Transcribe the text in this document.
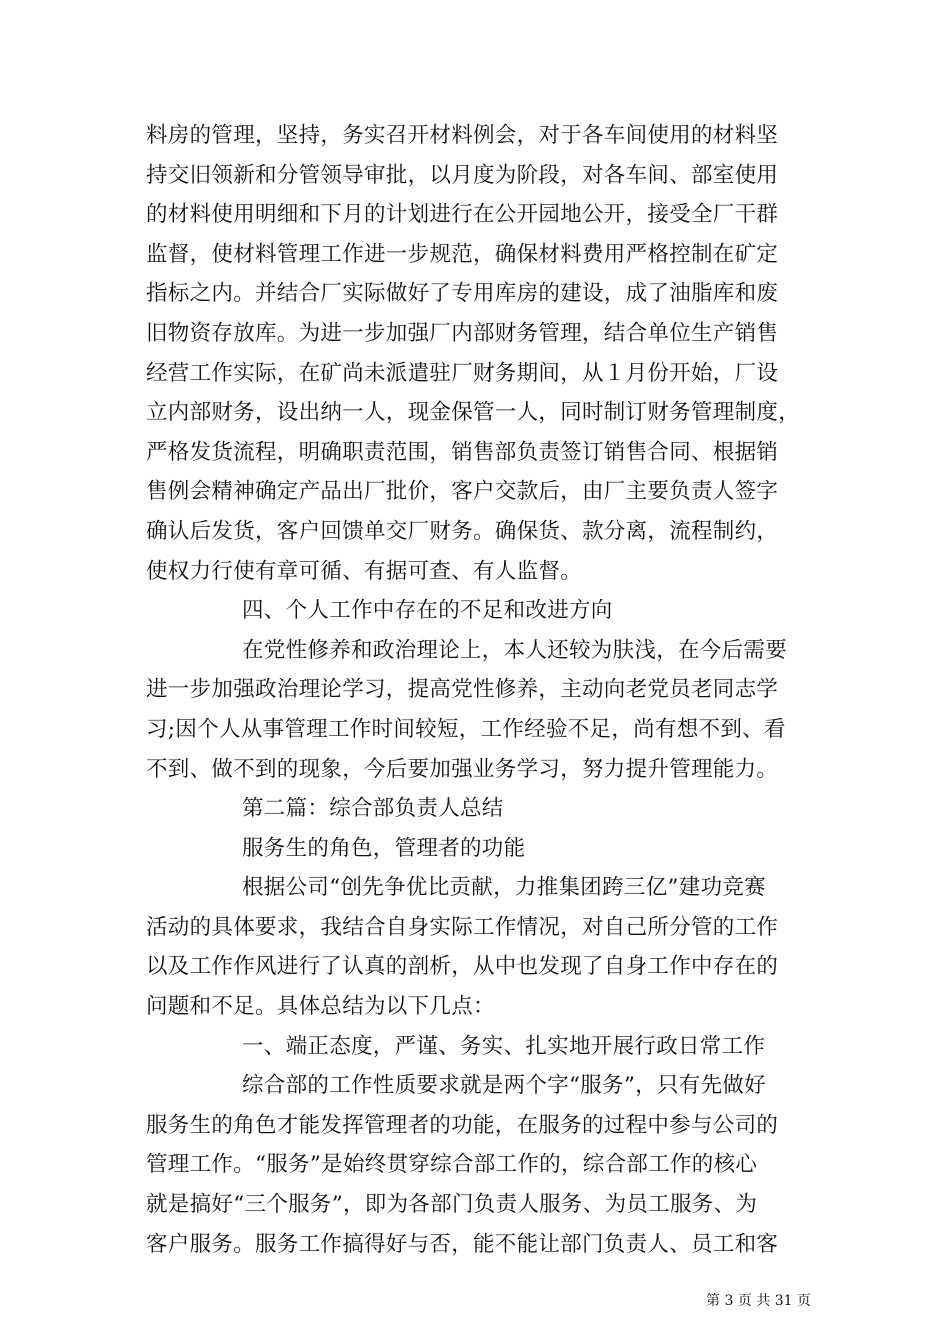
料房的管理，坚持，务实召开材料例会，对于各车间使用的材料坚
持交旧领新和分管领导审批，以月度为阶段，对各车间、部室使用
的材料使用明细和下月的计划进行在公开园地公开，接受全厂干群
监督，使材料管理工作进一步规范，确保材料费用严格控制在矿定
指标之内。并结合厂实际做好了专用库房的建设，成了油脂库和废
旧物资存放库。为进一步加强厂内部财务管理，结合单位生产销售
经营工作实际，在矿尚未派遣驻厂财务期间，从１月份开始，厂设
立内部财务，设出纳一人，现金保管一人，同时制订财务管理制度，
严格发货流程，明确职责范围，销售部负责签订销售合同、根据销
售例会精神确定产品出厂批价，客户交款后，由厂主要负责人签字
确认后发货，客户回馈单交厂财务。确保货、款分离，流程制约，
使权力行使有章可循、有据可查、有人监督。
四、个人工作中存在的不足和改进方向
在党性修养和政治理论上，本人还较为肤浅，在今后需要
进一步加强政治理论学习，提高党性修养，主动向老党员老同志学
习;因个人从事管理工作时间较短，工作经验不足，尚有想不到、看
不到、做不到的现象，今后要加强业务学习，努力提升管理能力。
第二篇：综合部负责人总结
服务生的角色，管理者的功能
根据公司“创先争优比贡献，力推集团跨三亿”建功竞赛
活动的具体要求，我结合自身实际工作情况，对自己所分管的工作
以及工作作风进行了认真的剖析，从中也发现了自身工作中存在的
问题和不足。具体总结为以下几点：
一、端正态度，严谨、务实、扎实地开展行政日常工作
综合部的工作性质要求就是两个字“服务”，只有先做好
服务生的角色才能发挥管理者的功能，在服务的过程中参与公司的
管理工作。“服务”是始终贯穿综合部工作的，综合部工作的核心
就是搞好“三个服务”，即为各部门负责人服务、为员工服务、为
客户服务。服务工作搞得好与否，能不能让部门负责人、员工和客
第 3 页 共 31 页
